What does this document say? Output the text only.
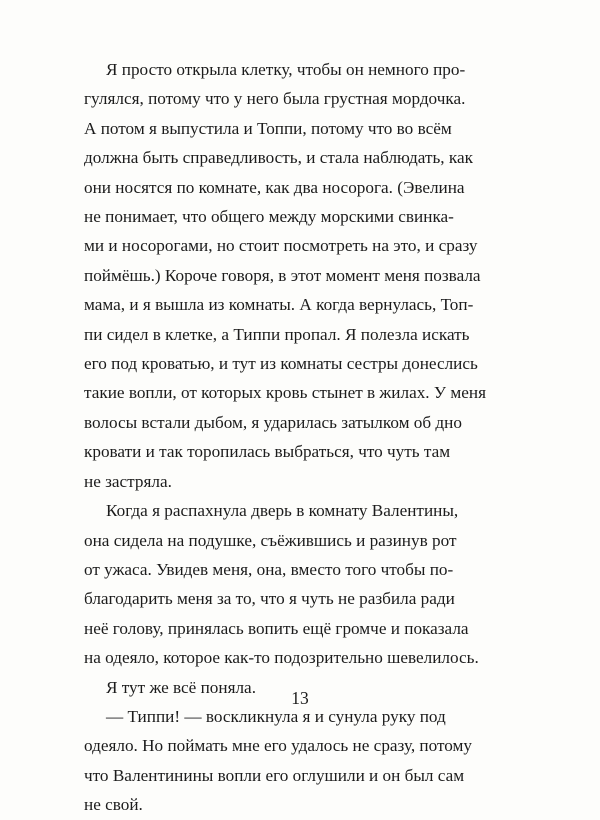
Я просто открыла клетку, чтобы он немного про-
гулялся, потому что у него была грустная мордочка.
А потом я выпустила и Топпи, потому что во всём
должна быть справедливость, и стала наблюдать, как
они носятся по комнате, как два носорога. (Эвелина
не понимает, что общего между морскими свинка-
ми и носорогами, но стоит посмотреть на это, и сразу
поймёшь.) Короче говоря, в этот момент меня позвала
мама, и я вышла из комнаты. А когда вернулась, Топ-
пи сидел в клетке, а Типпи пропал. Я полезла искать
его под кроватью, и тут из комнаты сестры донеслись
такие вопли, от которых кровь стынет в жилах. У меня
волосы встали дыбом, я ударилась затылком об дно
кровати и так торопилась выбраться, что чуть там
не застряла.

Когда я распахнула дверь в комнату Валентины,
она сидела на подушке, съёжившись и разинув рот
от ужаса. Увидев меня, она, вместо того чтобы по-
благодарить меня за то, что я чуть не разбила ради
неё голову, принялась вопить ещё громче и показала
на одеяло, которое как-то подозрительно шевелилось.

Я тут же всё поняла.

— Типпи! — воскликнула я и сунула руку под
одеяло. Но поймать мне его удалось не сразу, потому
что Валентинины вопли его оглушили и он был сам
не свой.

13
